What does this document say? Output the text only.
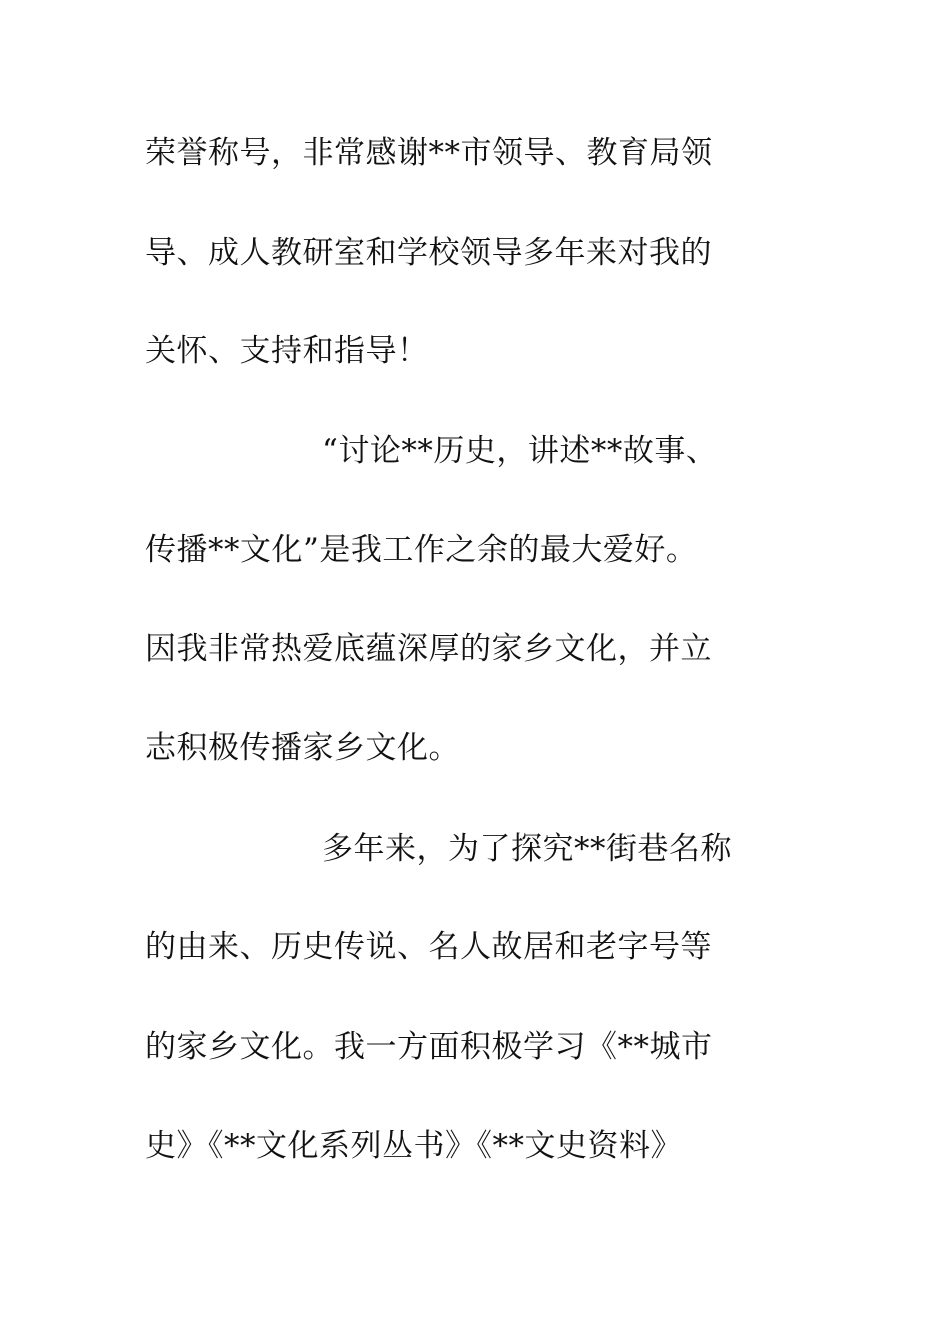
荣誉称号，非常感谢**市领导、教育局领
导、成人教研室和学校领导多年来对我的
关怀、支持和指导！
“讨论**历史，讲述**故事、
传播**文化”是我工作之余的最大爱好。
因我非常热爱底蕴深厚的家乡文化，并立
志积极传播家乡文化。
多年来，为了探究**街巷名称
的由来、历史传说、名人故居和老字号等
的家乡文化。我一方面积极学习《**城市
史》《**文化系列丛书》《**文史资料》
